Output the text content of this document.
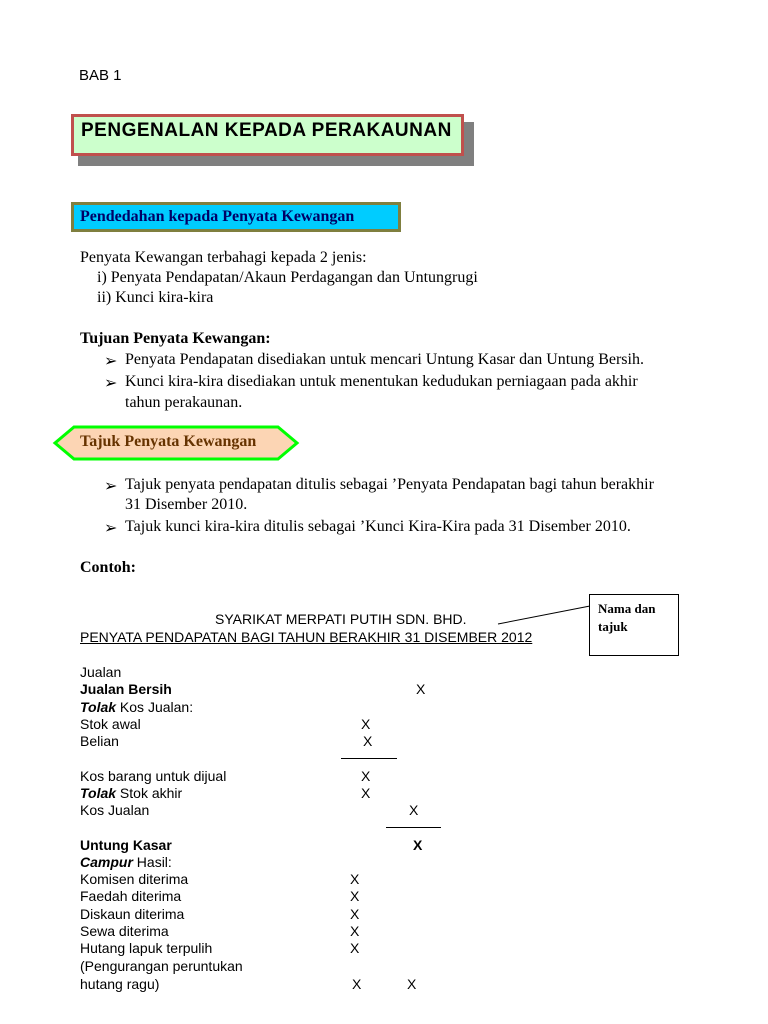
BAB 1
PENGENALAN KEPADA PERAKAUNAN
Pendedahan kepada Penyata Kewangan
Penyata Kewangan terbahagi kepada 2 jenis:
i) Penyata Pendapatan/Akaun Perdagangan dan Untungrugi
ii) Kunci kira-kira
Tujuan Penyata Kewangan:
➢ Penyata Pendapatan disediakan untuk mencari Untung Kasar dan Untung Bersih.
➢ Kunci kira-kira disediakan untuk menentukan kedudukan perniagaan pada akhir
tahun perakaunan.
Tajuk Penyata Kewangan
➢ Tajuk penyata pendapatan ditulis sebagai ’Penyata Pendapatan bagi tahun berakhir
31 Disember 2010.
➢ Tajuk kunci kira-kira ditulis sebagai ’Kunci Kira-Kira pada 31 Disember 2010.
Contoh:
SYARIKAT MERPATI PUTIH SDN. BHD.
PENYATA PENDAPATAN BAGI TAHUN BERAKHIR 31 DISEMBER 2012
Nama dan
tajuk
Jualan
Jualan Bersih	X
Tolak Kos Jualan:
Stok awal	X
Belian	X
Kos barang untuk dijual	X
Tolak Stok akhir	X
Kos Jualan	X
Untung Kasar	X
Campur Hasil:
Komisen diterima	X
Faedah diterima	X
Diskaun diterima	X
Sewa diterima	X
Hutang lapuk terpulih	X
(Pengurangan peruntukan
hutang ragu)	X	X
